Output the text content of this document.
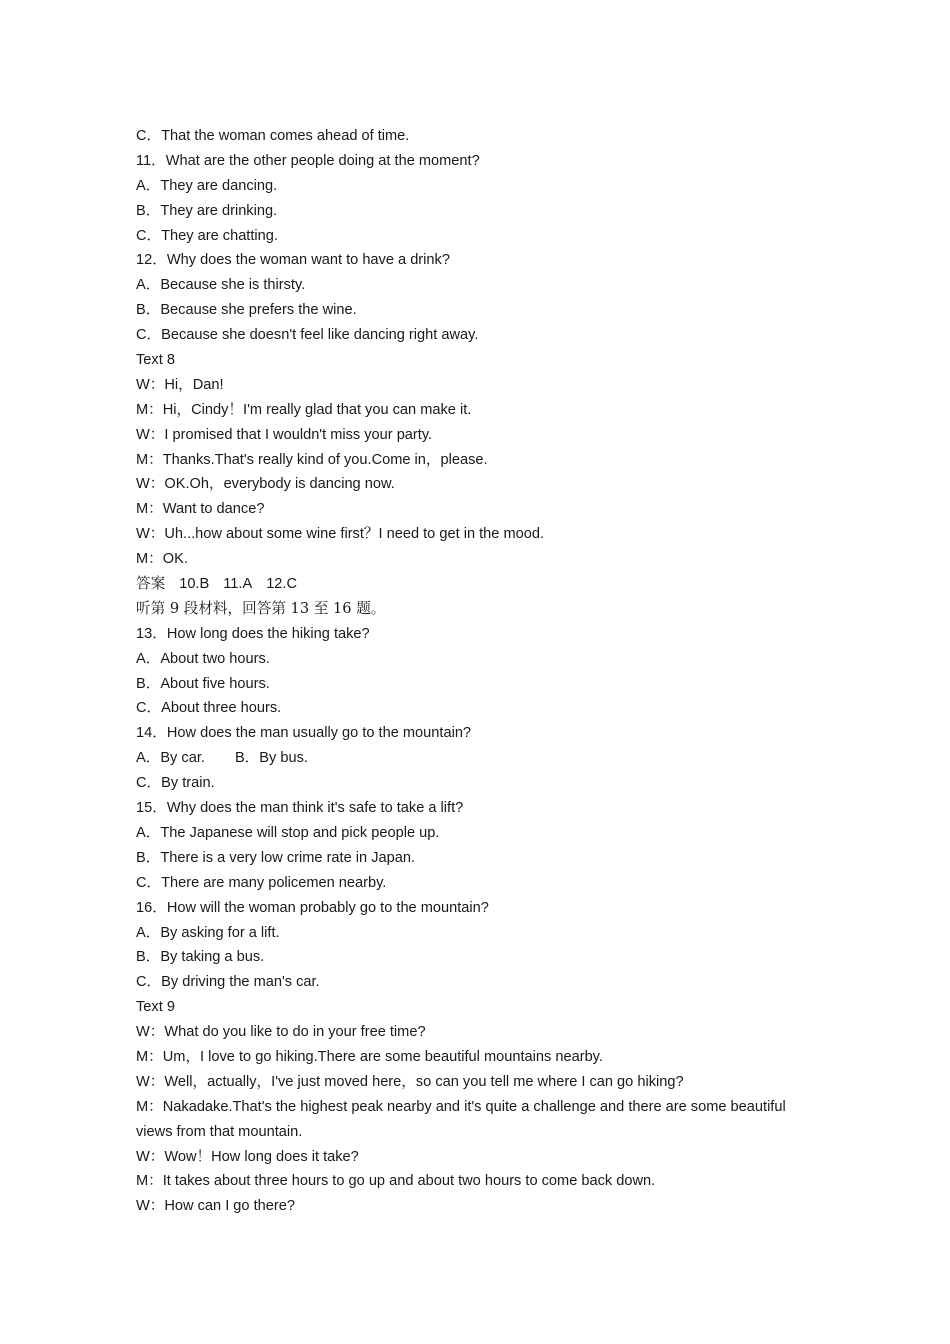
C．That the woman comes ahead of time.
11．What are the other people doing at the moment?
A．They are dancing.
B．They are drinking.
C．They are chatting.
12．Why does the woman want to have a drink?
A．Because she is thirsty.
B．Because she prefers the wine.
C．Because she doesn't feel like dancing right away.
Text 8
W：Hi，Dan!
M：Hi，Cindy！I'm really glad that you can make it.
W：I promised that I wouldn't miss your party.
M：Thanks.That's really kind of you.Come in，please.
W：OK.Oh，everybody is dancing now.
M：Want to dance?
W：Uh...how about some wine first？I need to get in the mood.
M：OK.
答案 10.B 11.A 12.C
听第 9 段材料，回答第 13 至 16 题。
13．How long does the hiking take?
A．About two hours.
B．About five hours.
C．About three hours.
14．How does the man usually go to the mountain?
A．By car. B．By bus.
C．By train.
15．Why does the man think it's safe to take a lift?
A．The Japanese will stop and pick people up.
B．There is a very low crime rate in Japan.
C．There are many policemen nearby.
16．How will the woman probably go to the mountain?
A．By asking for a lift.
B．By taking a bus.
C．By driving the man's car.
Text 9
W：What do you like to do in your free time?
M：Um，I love to go hiking.There are some beautiful mountains nearby.
W：Well，actually，I've just moved here，so can you tell me where I can go hiking?
M：Nakadake.That's the highest peak nearby and it's quite a challenge and there are some beautiful views from that mountain.
W：Wow！How long does it take?
M：It takes about three hours to go up and about two hours to come back down.
W：How can I go there?
